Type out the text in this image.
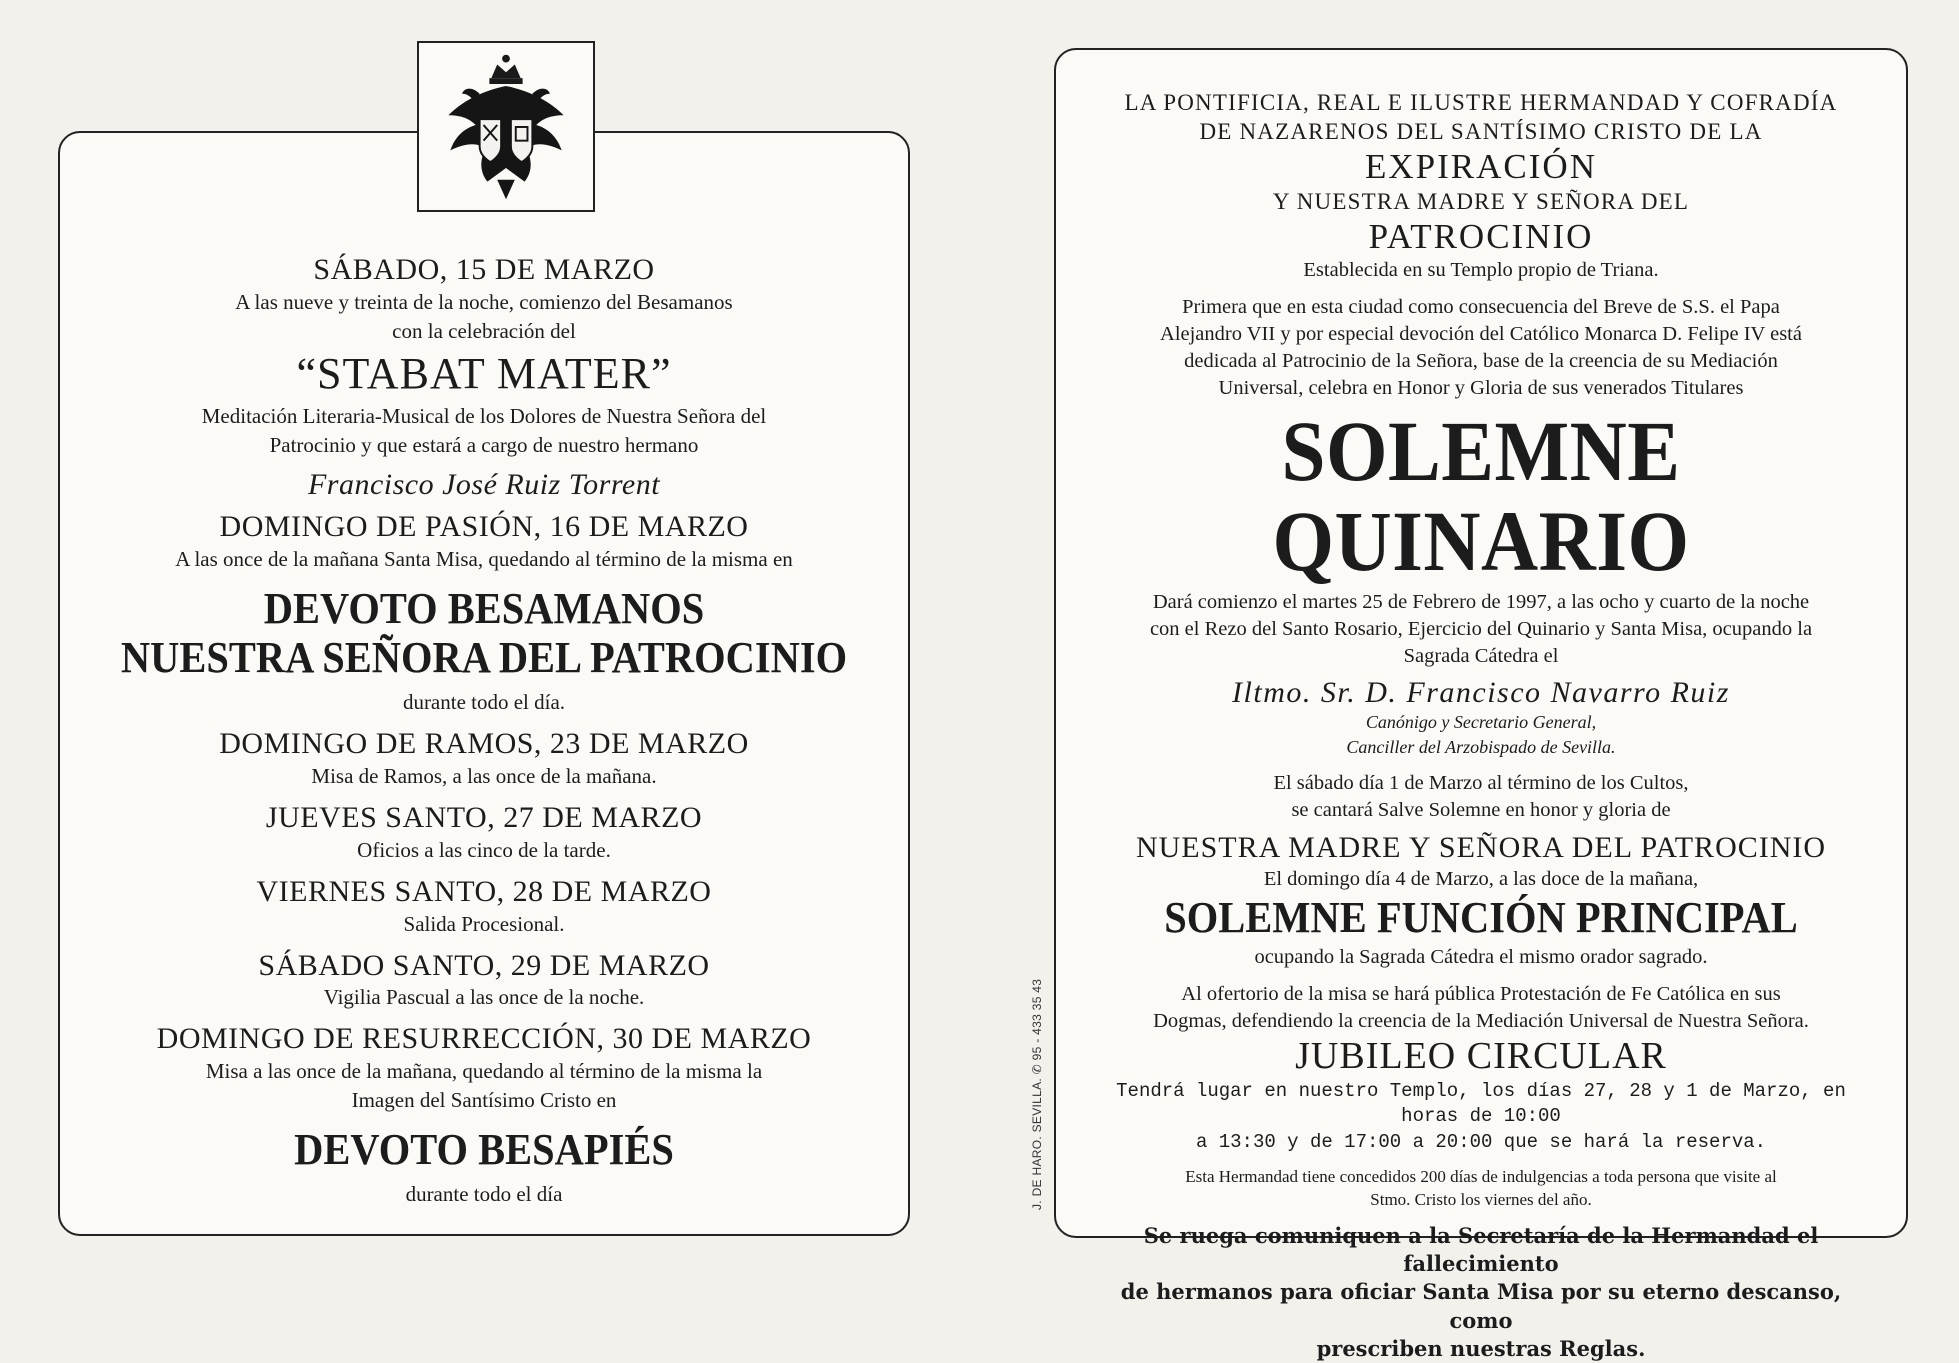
SÁBADO, 15 DE MARZO

A las nueve y treinta de la noche, comienzo del Besamanos

con la celebración del

“STABAT MATER”

Meditación Literaria-Musical de los Dolores de Nuestra Señora del

Patrocinio y que estará a cargo de nuestro hermano

Francisco José Ruiz Torrent

DOMINGO DE PASIÓN, 16 DE MARZO

A las once de la mañana Santa Misa, quedando al término de la misma en

DEVOTO BESAMANOS

NUESTRA SEÑORA DEL PATROCINIO

durante todo el día.

DOMINGO DE RAMOS, 23 DE MARZO

Misa de Ramos, a las once de la mañana.

JUEVES SANTO, 27 DE MARZO

Oficios a las cinco de la tarde.

VIERNES SANTO, 28 DE MARZO

Salida Procesional.

SÁBADO SANTO, 29 DE MARZO

Vigilia Pascual a las once de la noche.

DOMINGO DE RESURRECCIÓN, 30 DE MARZO

Misa a las once de la mañana, quedando al término de la misma la

Imagen del Santísimo Cristo en

DEVOTO BESAPIÉS

durante todo el día

LA PONTIFICIA, REAL E ILUSTRE HERMANDAD Y COFRADÍA

DE NAZARENOS DEL SANTÍSIMO CRISTO DE LA

EXPIRACIÓN

Y NUESTRA MADRE Y SEÑORA DEL

PATROCINIO

Establecida en su Templo propio de Triana.

Primera que en esta ciudad como consecuencia del Breve de S.S. el Papa

Alejandro VII y por especial devoción del Católico Monarca D. Felipe IV está

dedicada al Patrocinio de la Señora, base de la creencia de su Mediación

Universal, celebra en Honor y Gloria de sus venerados Titulares

SOLEMNE QUINARIO

Dará comienzo el martes 25 de Febrero de 1997, a las ocho y cuarto de la noche

con el Rezo del Santo Rosario, Ejercicio del Quinario y Santa Misa, ocupando la

Sagrada Cátedra el

Iltmo. Sr. D. Francisco Navarro Ruiz

Canónigo y Secretario General,

Canciller del Arzobispado de Sevilla.

El sábado día 1 de Marzo al término de los Cultos,

se cantará Salve Solemne en honor y gloria de

NUESTRA MADRE Y SEÑORA DEL PATROCINIO

El domingo día 4 de Marzo, a las doce de la mañana,

SOLEMNE FUNCIÓN PRINCIPAL

ocupando la Sagrada Cátedra el mismo orador sagrado.

Al ofertorio de la misa se hará pública Protestación de Fe Católica en sus

Dogmas, defendiendo la creencia de la Mediación Universal de Nuestra Señora.

JUBILEO CIRCULAR

Tendrá lugar en nuestro Templo, los días 27, 28 y 1 de Marzo, en horas de 10:00

a 13:30 y de 17:00 a 20:00 que se hará la reserva.

Esta Hermandad tiene concedidos 200 días de indulgencias a toda persona que visite al

Stmo. Cristo los viernes del año.

Se ruega comuniquen a la Secretaría de la Hermandad el fallecimiento

de hermanos para oficiar Santa Misa por su eterno descanso, como

prescriben nuestras Reglas.

J. DE HARO. SEVILLA. ✆ 95 - 433 35 43
